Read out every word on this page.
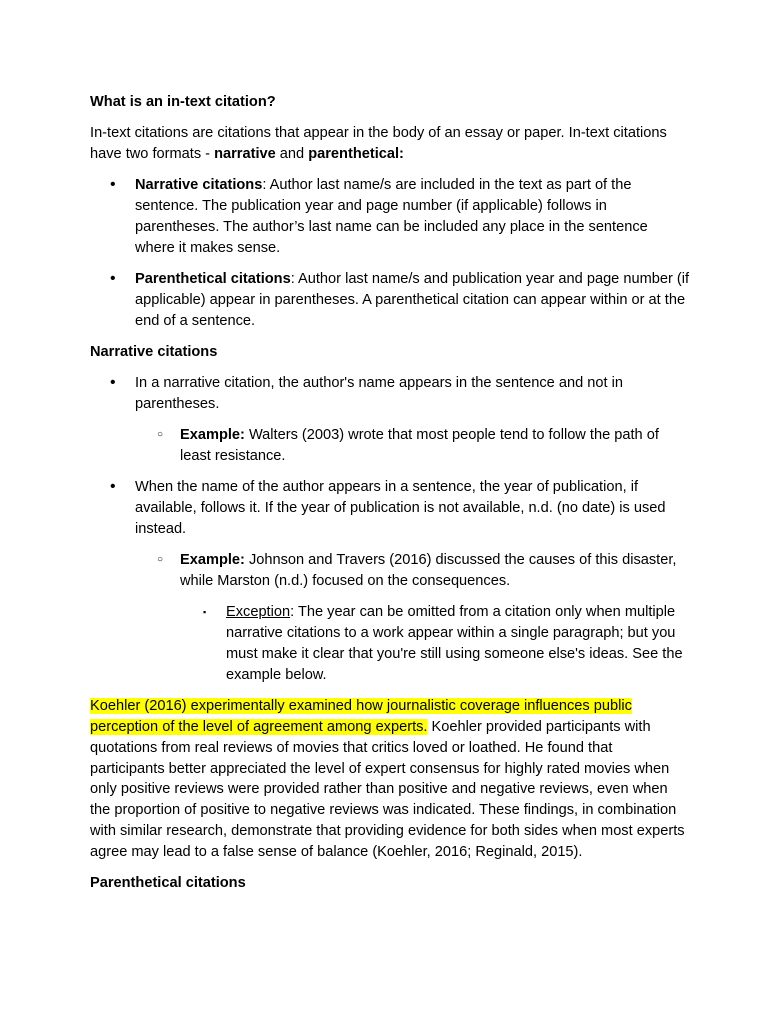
What is an in-text citation?

In-text citations are citations that appear in the body of an essay or paper. In-text citations have two formats - narrative and parenthetical:

• Narrative citations: Author last name/s are included in the text as part of the sentence. The publication year and page number (if applicable) follows in parentheses. The author’s last name can be included any place in the sentence where it makes sense.
• Parenthetical citations: Author last name/s and publication year and page number (if applicable) appear in parentheses. A parenthetical citation can appear within or at the end of a sentence.

Narrative citations

• In a narrative citation, the author's name appears in the sentence and not in parentheses.
○ Example: Walters (2003) wrote that most people tend to follow the path of least resistance.
• When the name of the author appears in a sentence, the year of publication, if available, follows it. If the year of publication is not available, n.d. (no date) is used instead.
○ Example: Johnson and Travers (2016) discussed the causes of this disaster, while Marston (n.d.) focused on the consequences.
▪ Exception: The year can be omitted from a citation only when multiple narrative citations to a work appear within a single paragraph; but you must make it clear that you're still using someone else's ideas. See the example below.

Koehler (2016) experimentally examined how journalistic coverage influences public perception of the level of agreement among experts. Koehler provided participants with quotations from real reviews of movies that critics loved or loathed. He found that participants better appreciated the level of expert consensus for highly rated movies when only positive reviews were provided rather than positive and negative reviews, even when the proportion of positive to negative reviews was indicated. These findings, in combination with similar research, demonstrate that providing evidence for both sides when most experts agree may lead to a false sense of balance (Koehler, 2016; Reginald, 2015).

Parenthetical citations
